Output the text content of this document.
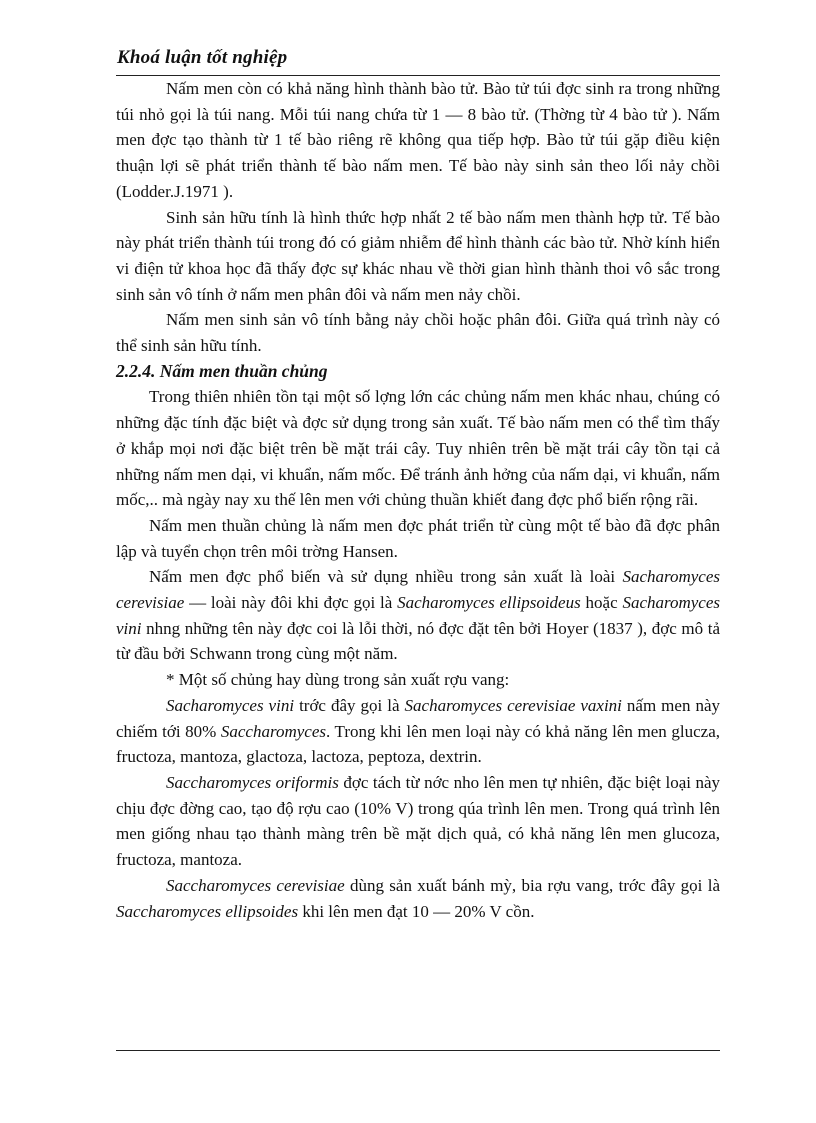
Khoá luận tốt nghiệp

Nấm men còn có khả năng hình thành bào tử. Bào tử túi đợc sinh ra trong những túi nhỏ gọi là túi nang. Mỗi túi nang chứa từ 1 — 8 bào tử. (Thờng từ 4 bào tử ). Nấm men đợc tạo thành từ 1 tế bào riêng rẽ không qua tiếp hợp. Bào tử túi gặp điều kiện thuận lợi sẽ phát triển thành tế bào nấm men. Tế bào này sinh sản theo lối nảy chồi (Lodder.J.1971 ).

Sinh sản hữu tính là hình thức hợp nhất 2 tế bào nấm men thành hợp tử. Tế bào này phát triển thành túi trong đó có giảm nhiễm để hình thành các bào tử. Nhờ kính hiển vi điện tử khoa học đã thấy đợc sự khác nhau về thời gian hình thành thoi vô sắc trong sinh sản vô tính ở nấm men phân đôi và nấm men nảy chồi.

Nấm men sinh sản vô tính bằng nảy chồi hoặc phân đôi. Giữa quá trình này có thể sinh sản hữu tính.

2.2.4. Nấm men thuần chủng

Trong thiên nhiên tồn tại một số lợng lớn các chủng nấm men khác nhau, chúng có những đặc tính đặc biệt và đợc sử dụng trong sản xuất. Tế bào nấm men có thể tìm thấy ở khắp mọi nơi đặc biệt trên bề mặt trái cây. Tuy nhiên trên bề mặt trái cây tồn tại cả những nấm men dại, vi khuẩn, nấm mốc. Để tránh ảnh hởng của nấm dại, vi khuẩn, nấm mốc,.. mà ngày nay xu thế lên men với chủng thuần khiết đang đợc phổ biến rộng rãi.

Nấm men thuần chủng là nấm men đợc phát triển từ cùng một tế bào đã đợc phân lập và tuyển chọn trên môi trờng Hansen.

Nấm men đợc phổ biến và sử dụng nhiều trong sản xuất là loài Sacharomyces cerevisiae — loài này đôi khi đợc gọi là Sacharomyces ellipsoideus hoặc Sacharomyces vini nhng những tên này đợc coi là lỗi thời, nó đợc đặt tên bởi Hoyer (1837 ), đợc mô tả từ đầu bởi Schwann trong cùng một năm.

* Một số chủng hay dùng trong sản xuất rợu vang:

Sacharomyces vini trớc đây gọi là Sacharomyces cerevisiae vaxini nấm men này chiếm tới 80% Saccharomyces. Trong khi lên men loại này có khả năng lên men glucza, fructoza, mantoza, glactoza, lactoza, peptoza, dextrin.

Saccharomyces oriformis đợc tách từ nớc nho lên men tự nhiên, đặc biệt loại này chịu đợc đờng cao, tạo độ rợu cao (10% V) trong qúa trình lên men. Trong quá trình lên men giống nhau tạo thành màng trên bề mặt dịch quả, có khả năng lên men glucoza, fructoza, mantoza.

Saccharomyces cerevisiae dùng sản xuất bánh mỳ, bia rợu vang, trớc đây gọi là Saccharomyces ellipsoides khi lên men đạt 10 — 20% V cồn.
